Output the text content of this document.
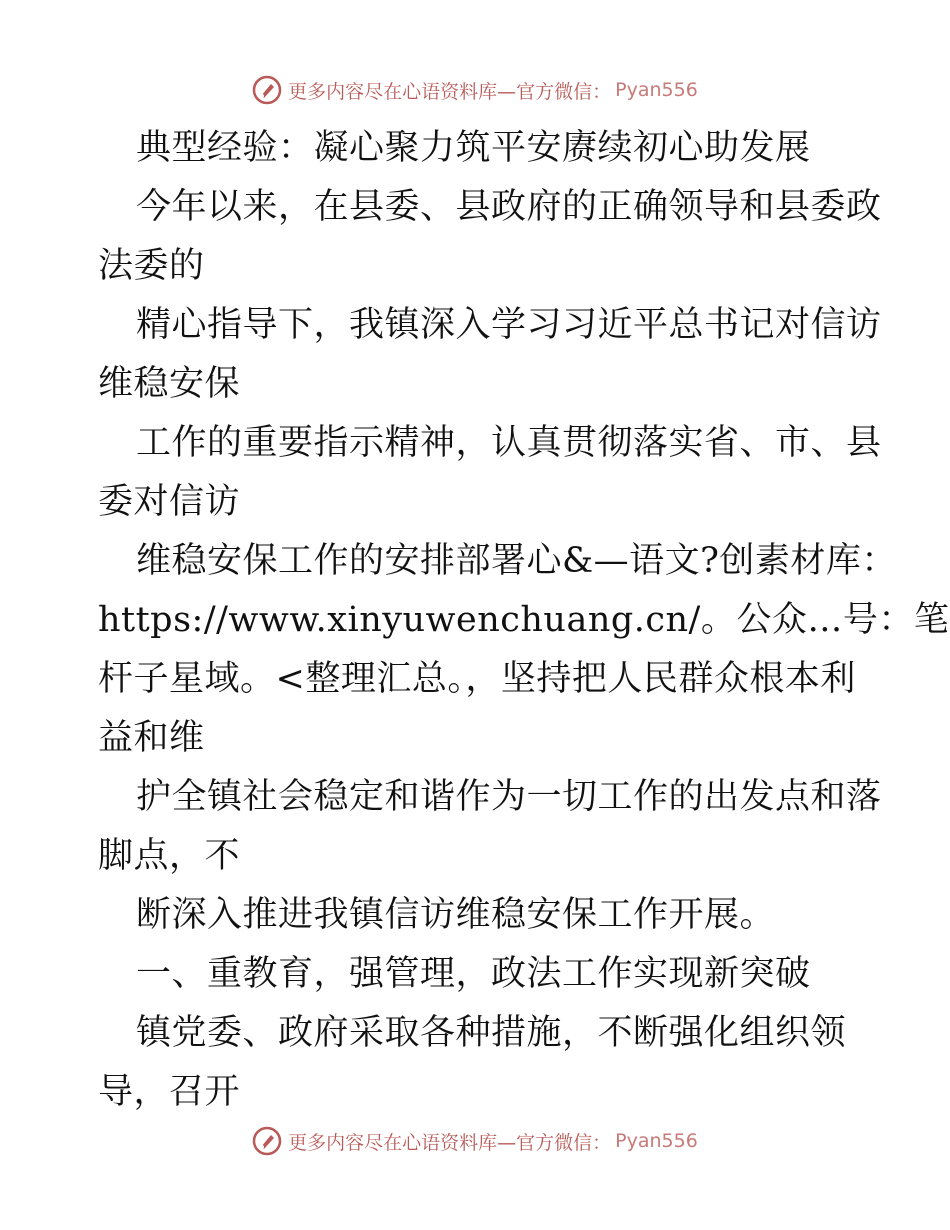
更多内容尽在心语资料库—官方微信： Pyan556
典型经验：凝心聚力筑平安赓续初心助发展
今年以来，在县委、县政府的正确领导和县委政
法委的
精心指导下，我镇深入学习习近平总书记对信访
维稳安保
工作的重要指示精神，认真贯彻落实省、市、县
委对信访
维稳安保工作的安排部署心&—语文?创素材库：
https://www.xinyuwenchuang.cn/。公众…号：笔
杆子星域。<整理汇总。，坚持把人民群众根本利
益和维
护全镇社会稳定和谐作为一切工作的出发点和落
脚点，不
断深入推进我镇信访维稳安保工作开展。
一、重教育，强管理，政法工作实现新突破
镇党委、政府采取各种措施，不断强化组织领
导，召开
更多内容尽在心语资料库—官方微信： Pyan556
